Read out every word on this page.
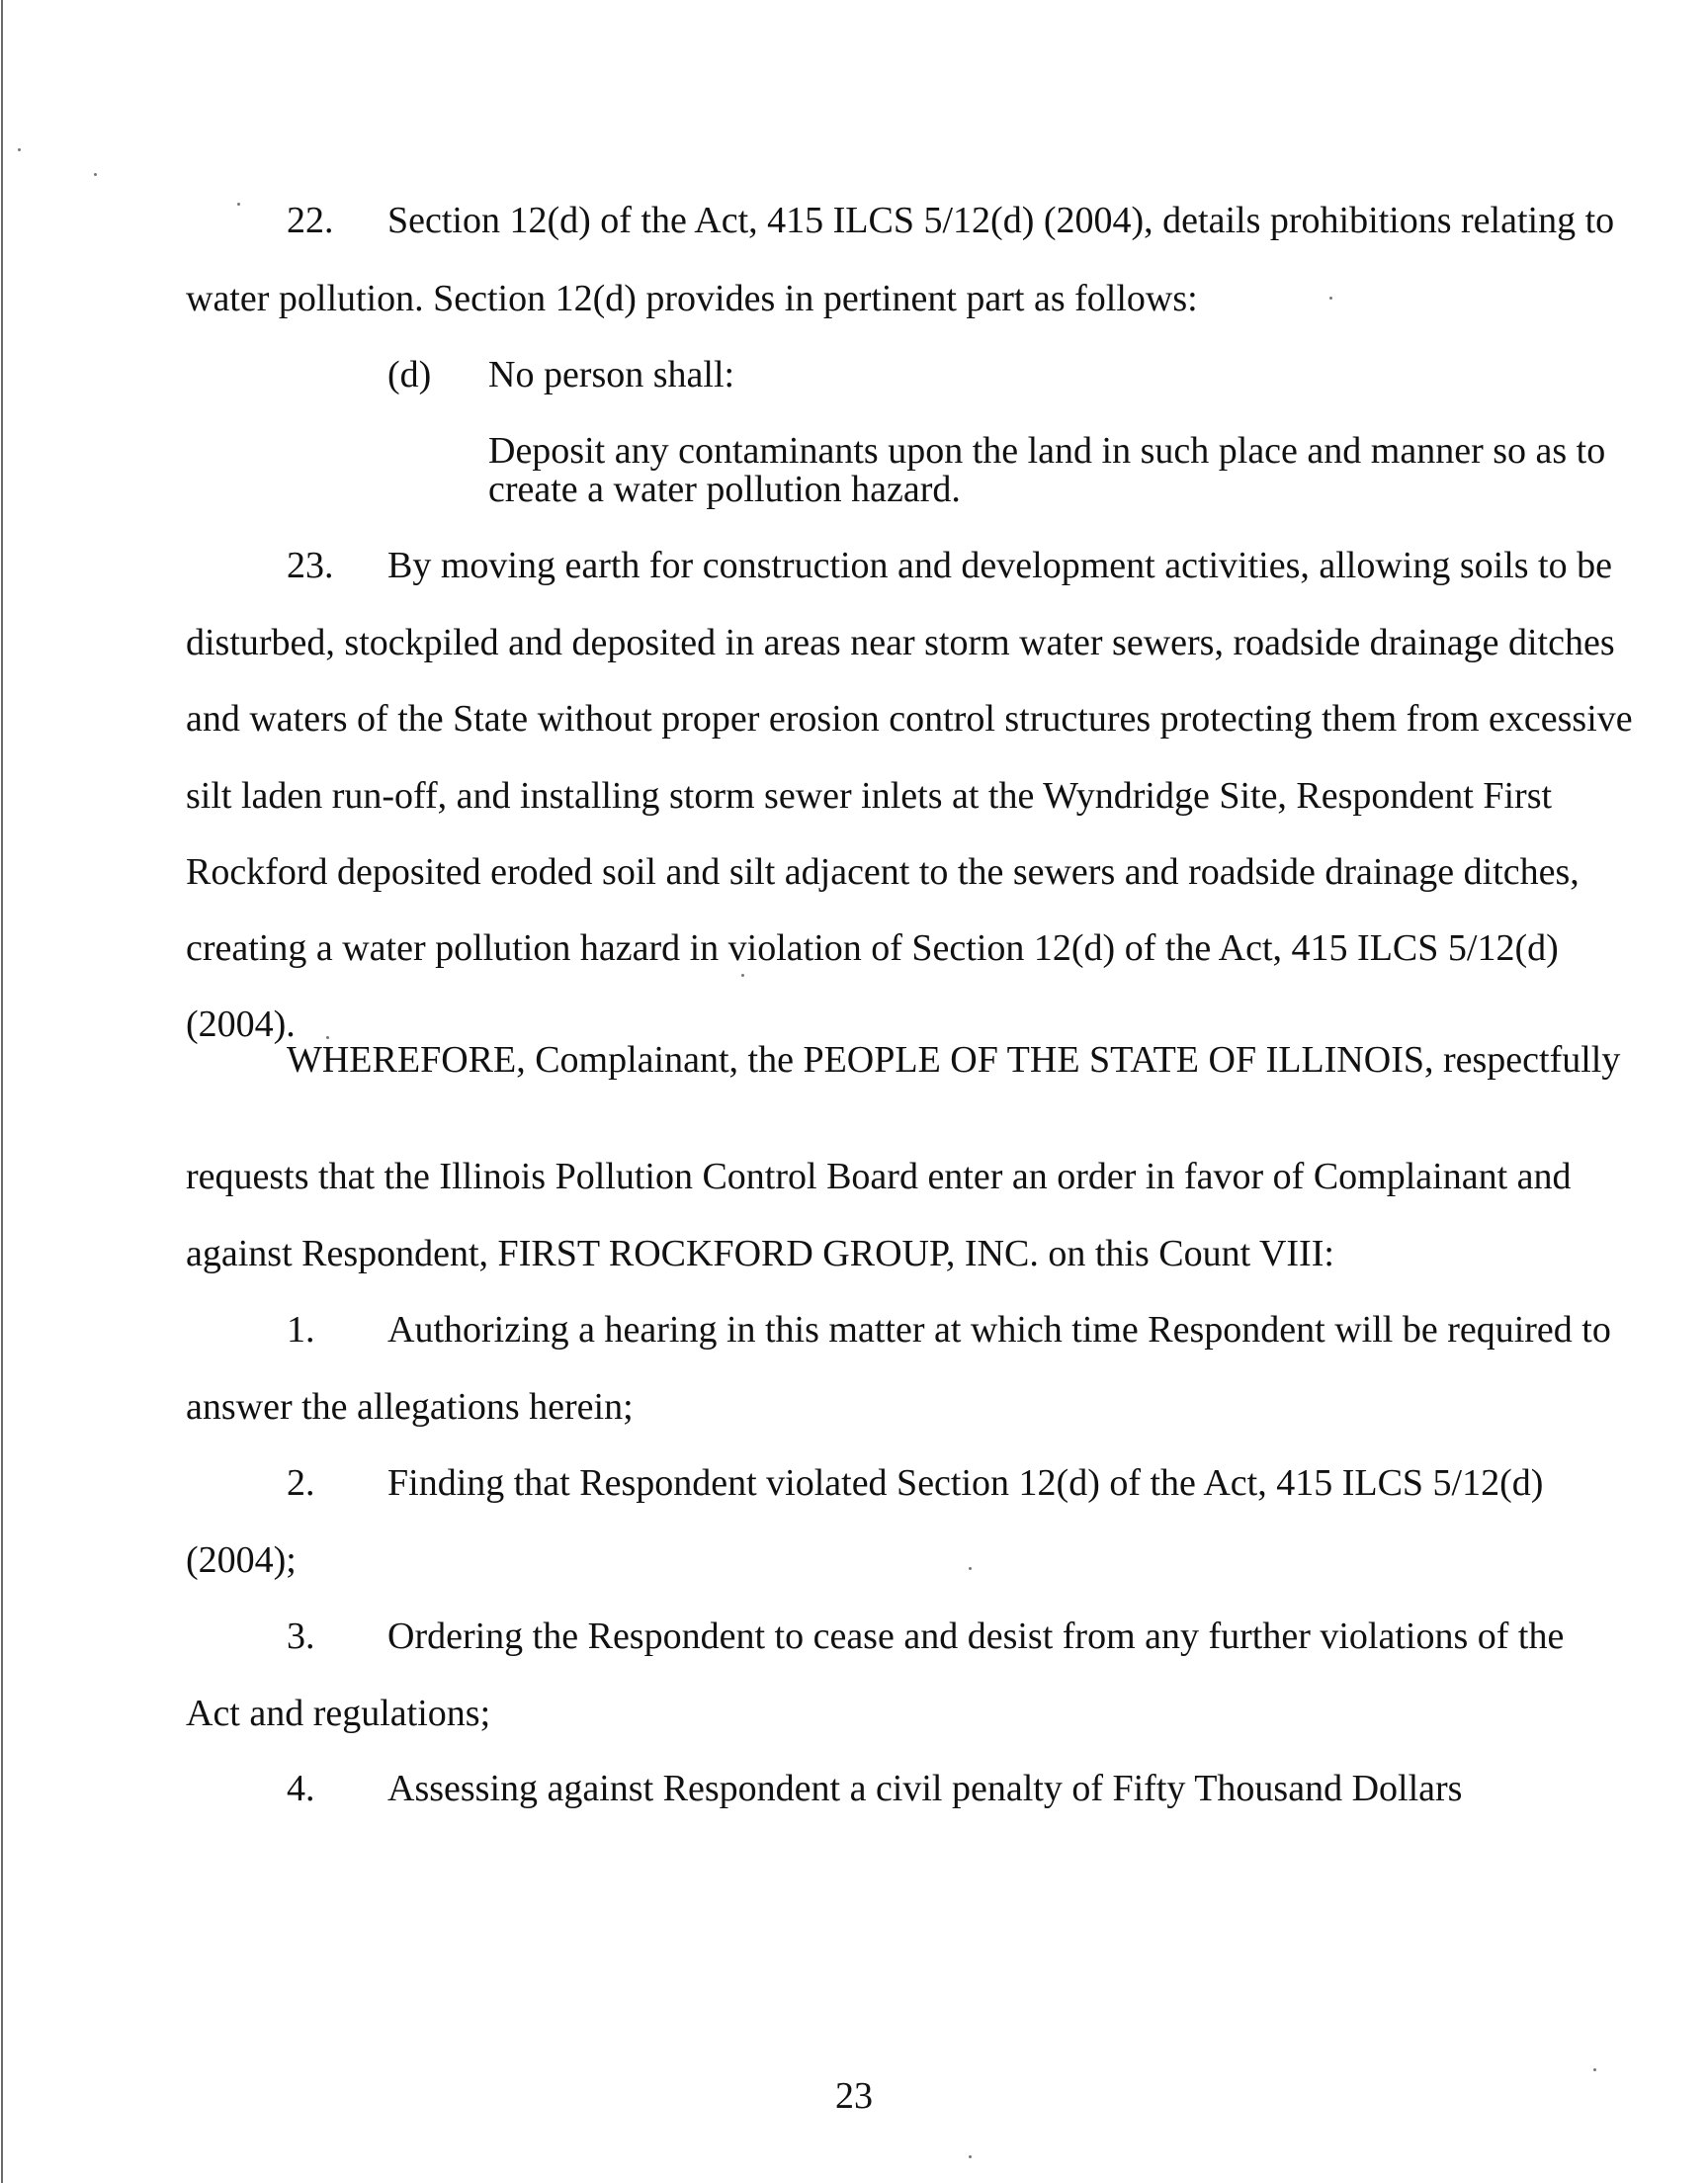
22. Section 12(d) of the Act, 415 ILCS 5/12(d) (2004), details prohibitions relating to

water pollution. Section 12(d) provides in pertinent part as follows:

(d) No person shall:

Deposit any contaminants upon the land in such place and manner so as to

create a water pollution hazard.

23. By moving earth for construction and development activities, allowing soils to be

disturbed, stockpiled and deposited in areas near storm water sewers, roadside drainage ditches

and waters of the State without proper erosion control structures protecting them from excessive

silt laden run-off, and installing storm sewer inlets at the Wyndridge Site, Respondent First

Rockford deposited eroded soil and silt adjacent to the sewers and roadside drainage ditches,

creating a water pollution hazard in violation of Section 12(d) of the Act, 415 ILCS 5/12(d)

(2004).

WHEREFORE, Complainant, the PEOPLE OF THE STATE OF ILLINOIS, respectfully

requests that the Illinois Pollution Control Board enter an order in favor of Complainant and

against Respondent, FIRST ROCKFORD GROUP, INC. on this Count VIII:

1. Authorizing a hearing in this matter at which time Respondent will be required to

answer the allegations herein;

2. Finding that Respondent violated Section 12(d) of the Act, 415 ILCS 5/12(d)

(2004);

3. Ordering the Respondent to cease and desist from any further violations of the

Act and regulations;

4. Assessing against Respondent a civil penalty of Fifty Thousand Dollars

23
